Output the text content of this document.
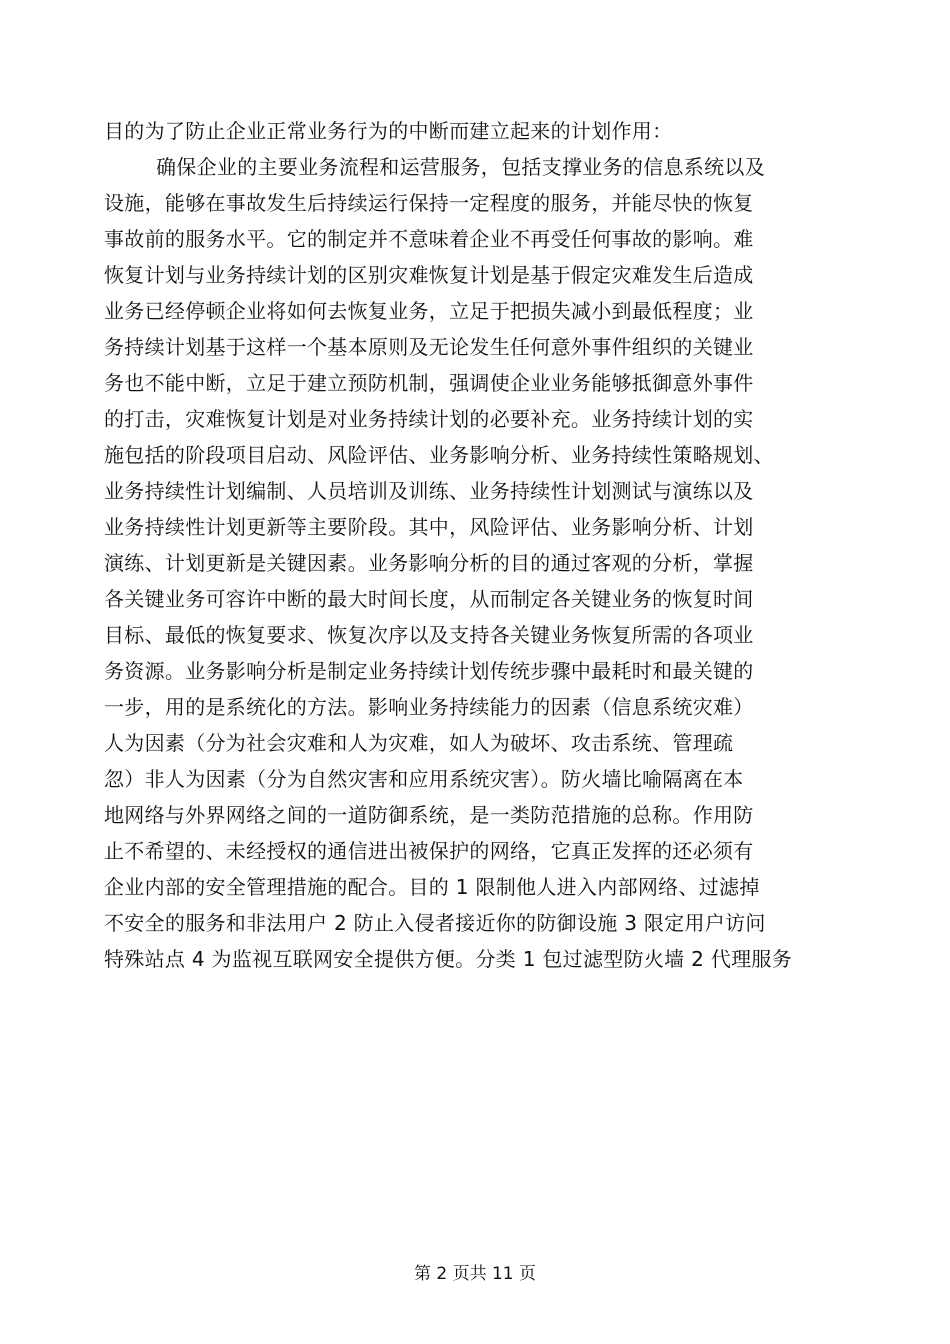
目的为了防止企业正常业务行为的中断而建立起来的计划作用：
确保企业的主要业务流程和运营服务，包括支撑业务的信息系统以及
设施，能够在事故发生后持续运行保持一定程度的服务，并能尽快的恢复
事故前的服务水平。它的制定并不意味着企业不再受任何事故的影响。难
恢复计划与业务持续计划的区别灾难恢复计划是基于假定灾难发生后造成
业务已经停顿企业将如何去恢复业务，立足于把损失减小到最低程度；业
务持续计划基于这样一个基本原则及无论发生任何意外事件组织的关键业
务也不能中断，立足于建立预防机制，强调使企业业务能够抵御意外事件
的打击，灾难恢复计划是对业务持续计划的必要补充。业务持续计划的实
施包括的阶段项目启动、风险评估、业务影响分析、业务持续性策略规划、
业务持续性计划编制、人员培训及训练、业务持续性计划测试与演练以及
业务持续性计划更新等主要阶段。其中，风险评估、业务影响分析、计划
演练、计划更新是关键因素。业务影响分析的目的通过客观的分析，掌握
各关键业务可容许中断的最大时间长度，从而制定各关键业务的恢复时间
目标、最低的恢复要求、恢复次序以及支持各关键业务恢复所需的各项业
务资源。业务影响分析是制定业务持续计划传统步骤中最耗时和最关键的
一步，用的是系统化的方法。影响业务持续能力的因素（信息系统灾难）
人为因素（分为社会灾难和人为灾难，如人为破坏、攻击系统、管理疏
忽）非人为因素（分为自然灾害和应用系统灾害）。防火墙比喻隔离在本
地网络与外界网络之间的一道防御系统，是一类防范措施的总称。作用防
止不希望的、未经授权的通信进出被保护的网络，它真正发挥的还必须有
企业内部的安全管理措施的配合。目的 1 限制他人进入内部网络、过滤掉
不安全的服务和非法用户 2 防止入侵者接近你的防御设施 3 限定用户访问
特殊站点 4 为监视互联网安全提供方便。分类 1 包过滤型防火墙 2 代理服务
第 2 页共 11 页
